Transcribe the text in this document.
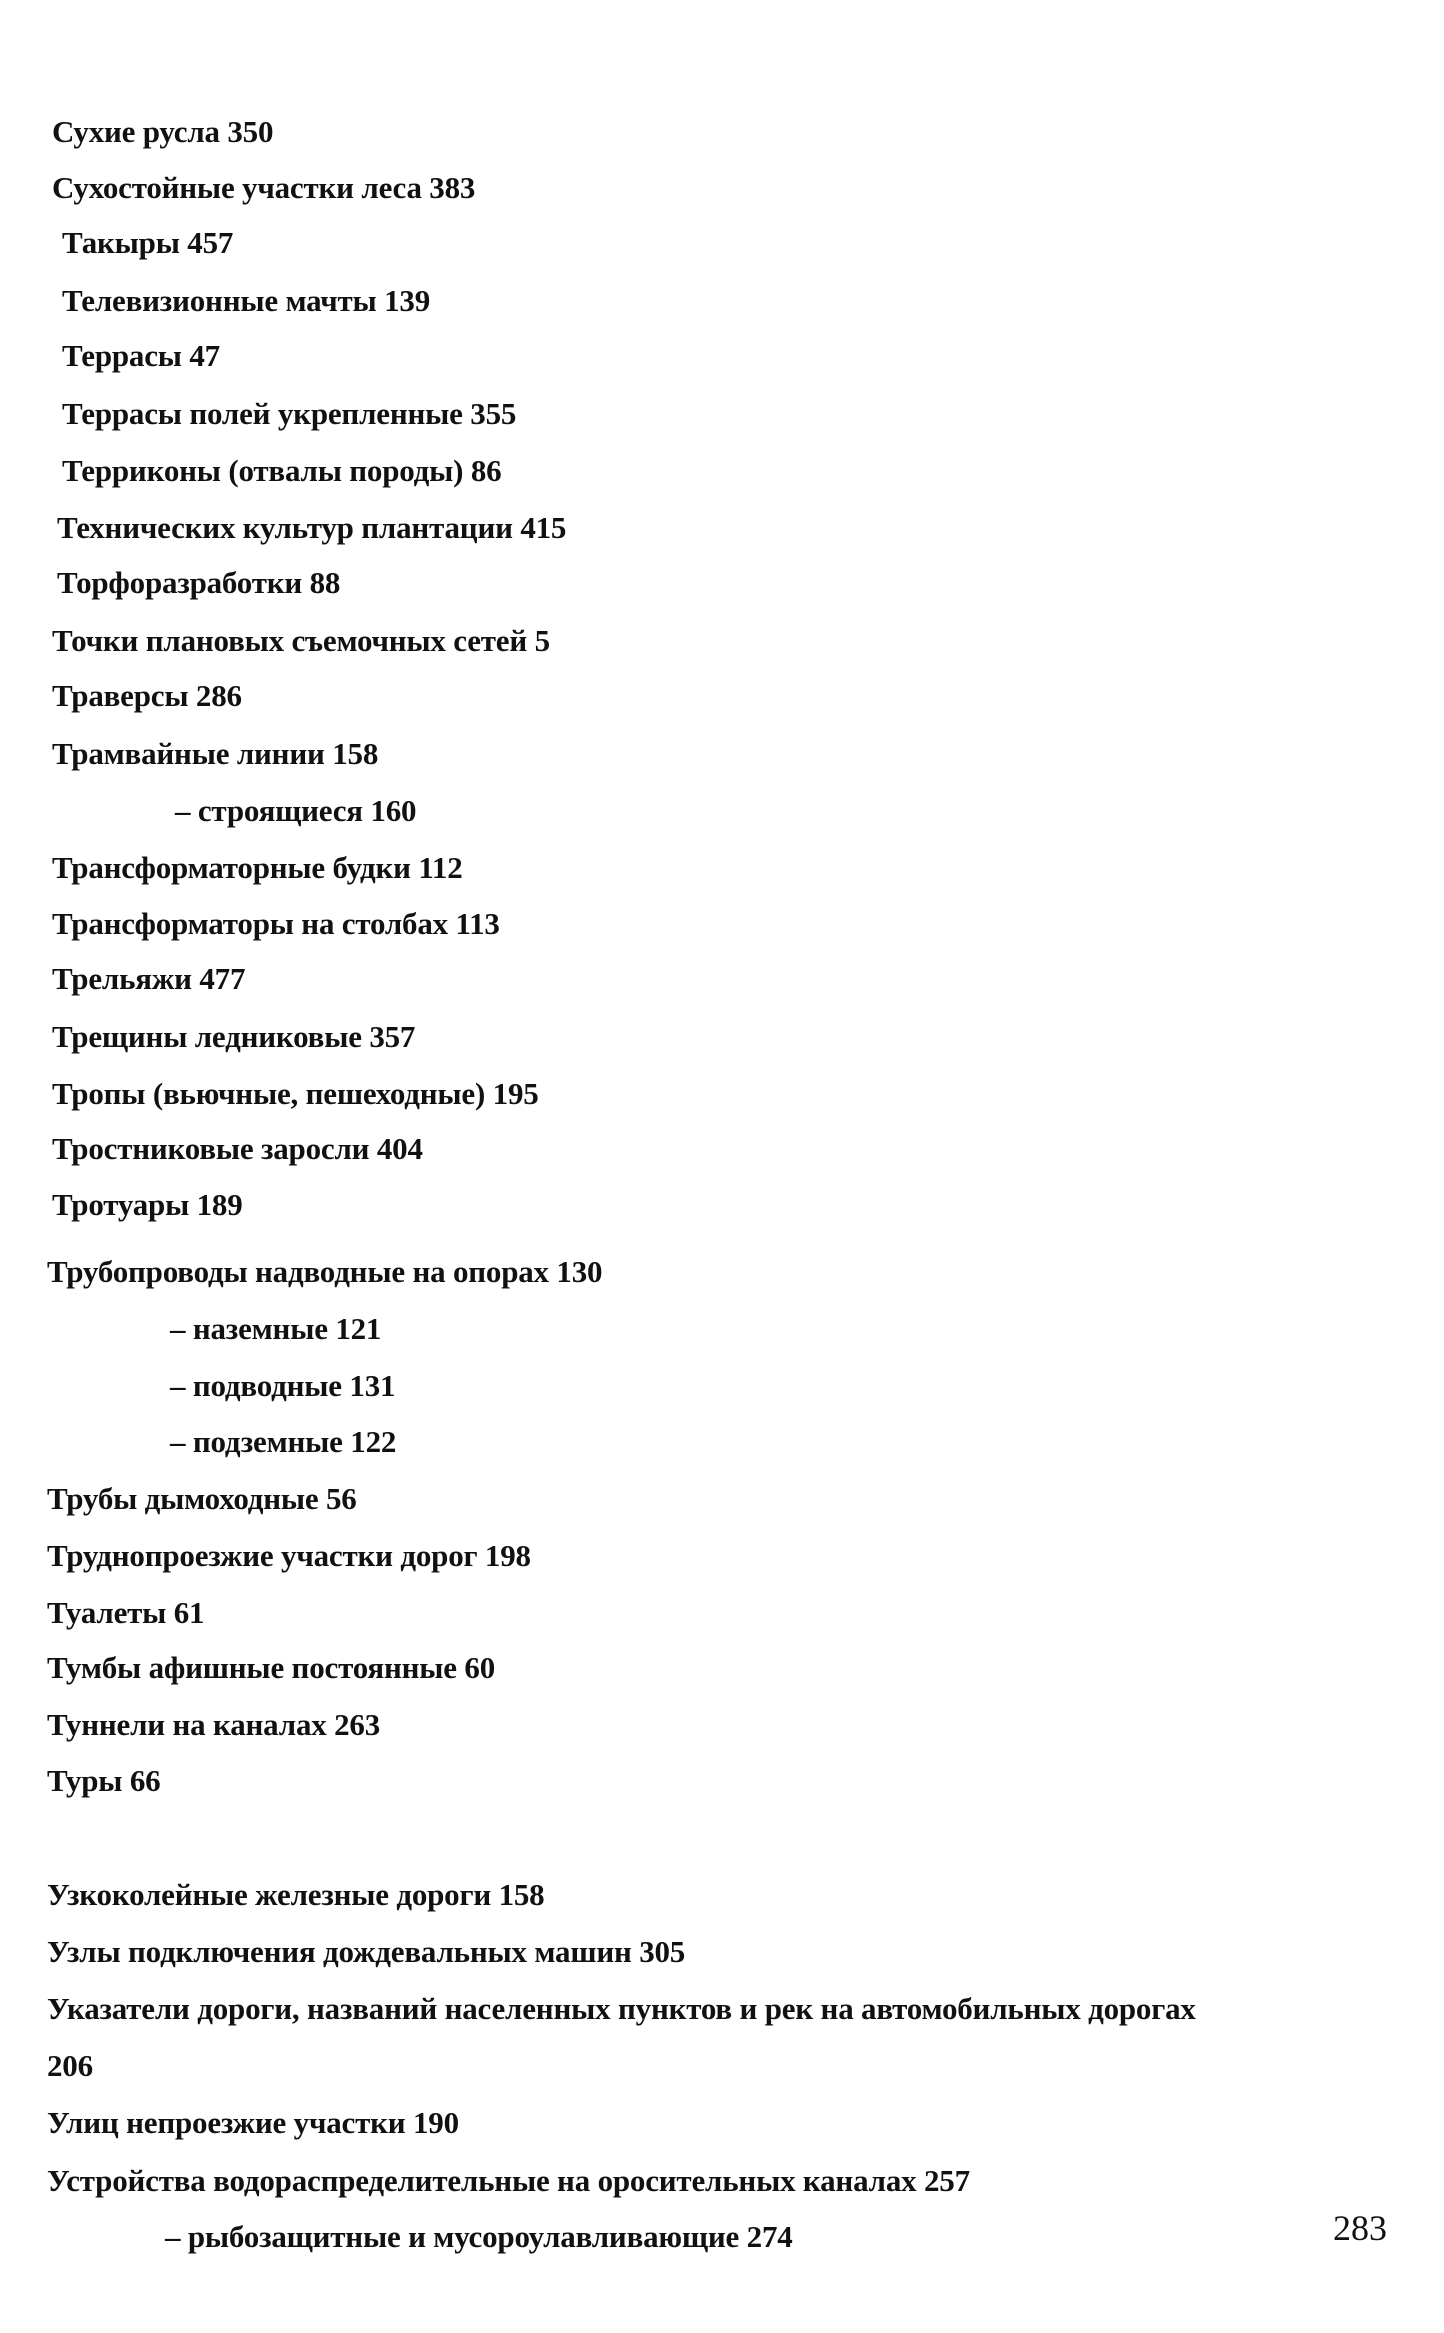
Сухие русла 350
Сухостойные участки леса 383
Такыры 457
Телевизионные мачты 139
Террасы 47
Террасы полей укрепленные 355
Терриконы (отвалы породы) 86
Технических культур плантации 415
Торфоразработки 88
Точки плановых съемочных сетей 5
Траверсы 286
Трамвайные линии 158
– строящиеся 160
Трансформаторные будки 112
Трансформаторы на столбах 113
Трельяжи 477
Трещины ледниковые 357
Тропы (вьючные, пешеходные) 195
Тростниковые заросли 404
Тротуары 189
Трубопроводы надводные на опорах 130
– наземные 121
– подводные 131
– подземные 122
Трубы дымоходные 56
Труднопроезжие участки дорог 198
Туалеты 61
Тумбы афишные постоянные 60
Туннели на каналах 263
Туры 66
Узкоколейные железные дороги 158
Узлы подключения дождевальных машин 305
Указатели дороги, названий населенных пунктов и рек на автомобильных дорогах
206
Улиц непроезжие участки 190
Устройства водораспределительные на оросительных каналах 257
– рыбозащитные и мусороулавливающие 274	283
